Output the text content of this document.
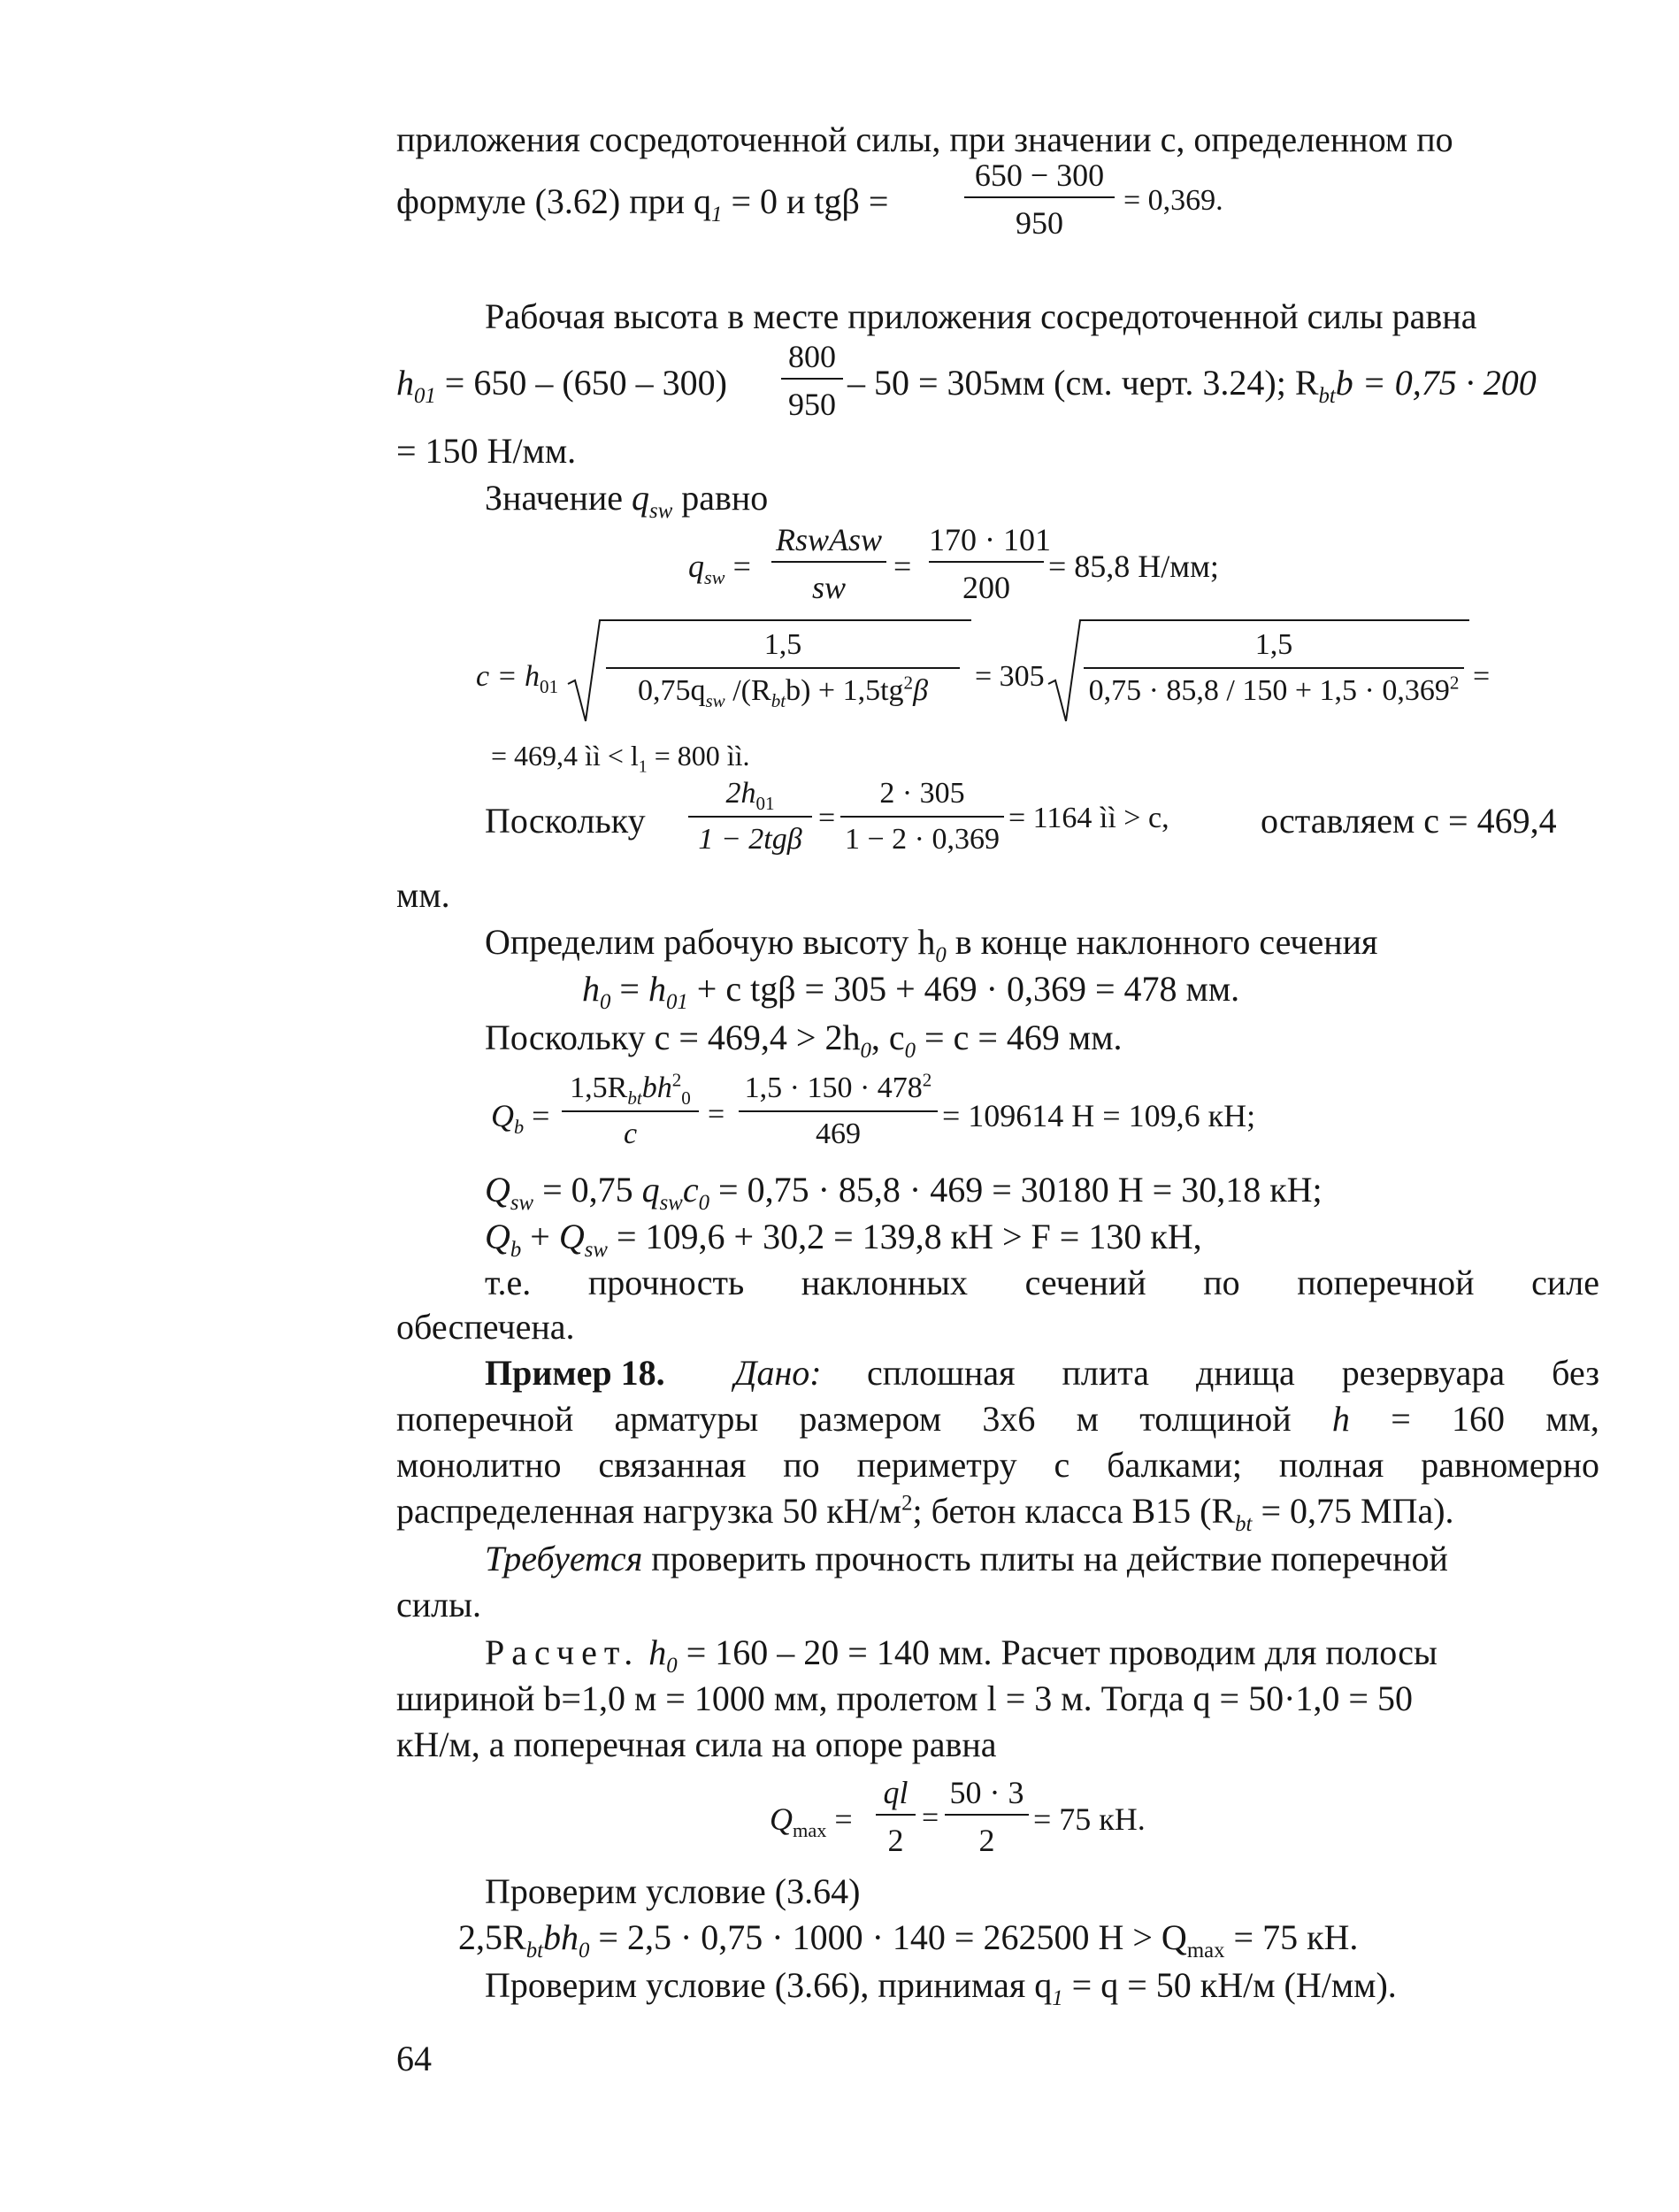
приложения сосредоточенной силы, при значении c, определенном по
формуле (3.62) при $q_1 = 0$ и tgβ =
650 − 300
950
= 0,369.
Рабочая высота в месте приложения сосредоточенной силы равна
$h_{01} = 650 - (650 - 300)$
800
950
– 50 = 305мм (см. черт. 3.24); $R_{bt}b = 0,75 \cdot 200$
= 150 Н/мм.
Значение $q_{sw}$ равно
$q_{sw}$ =
RswAsw
sw
=
170 · 101
200
= 85,8 Н/мм;
$c = h_{01}$
1,5
$0,75q_{sw}$ $/(R_{bt}b) + 1,5tg^2\beta$	= 305
1,5
$0,75 \cdot 85,8 / 150 + 1,5 \cdot 0,369^2$ =
= 469,4 ìì < $l_1 = 800$ ìì.
Поскольку
$2h_{01}$
1 − 2tgβ
=
2 · 305
1 − 2 · 0,369
= 1164 ìì > c,	оставляем c = 469,4
мм.
Определим рабочую высоту $h_0$ в конце наклонного сечения
$h_0 = h_{01} + c$ tgβ = 305 + 469 · 0,369 = 478 мм.
Поскольку $c = 469,4 > 2h_0$, $c_0 = c = 469$ мм.
$Q_b$ =
$1,5R_{bt}bh^2_0$
c
=
$1,5 \cdot 150 \cdot 478^2$
469
= 109614 Н = 109,6 кН;
$Q_{sw} = 0,75$ $q_{sw}c_0 = 0,75 \cdot 85,8 \cdot 469 = 30180$ Н = 30,18 кН;
$Q_b + Q_{sw} = 109,6 + 30,2 = 139,8$ кН > F = 130 кН,
т.е. прочность наклонных сечений по поперечной силе
обеспечена.
Пример 18. Дано: сплошная плита днища резервуара без
поперечной арматуры размером 3х6 м толщиной h = 160 мм,
монолитно связанная по периметру с балками; полная равномерно
распределенная нагрузка 50 $кН/м^2$; бетон класса В15 ($R_{bt} = 0,75$ МПа).
Требуется проверить прочность плиты на действие поперечной
силы.
Расчет. $h_0 = 160 - 20 = 140$ мм. Расчет проводим для полосы
шириной b=1,0 м = 1000 мм, пролетом l = 3 м. Тогда q = 50·1,0 = 50
кН/м, а поперечная сила на опоре равна
$Q_{max}$ =
ql
2
=
50 · 3
2
= 75 кН.
Проверим условие (3.64)
$2,5R_{bt}bh_0 = 2,5 \cdot 0,75 \cdot 1000 \cdot 140 = 262500$ $Н > Q_{max} = 75$ кН.
Проверим условие (3.66), принимая $q_1 = q = 50$ кН/м (Н/мм).
64
